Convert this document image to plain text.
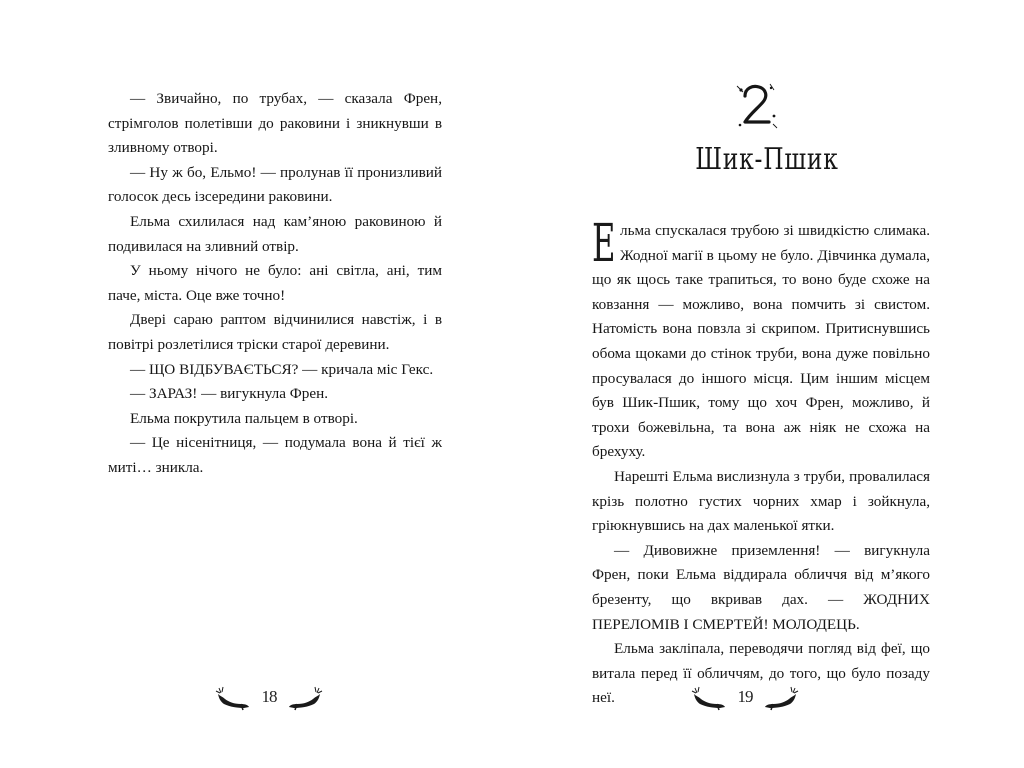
— Звичайно, по трубах, — сказала Френ, стрімголов полетівши до раковини і зникнувши в зливному отворі.

— Ну ж бо, Ельмо! — пролунав її пронизливий голосок десь ізсередини раковини.

Ельма схилилася над кам’яною раковиною й подивилася на зливний отвір.

У ньому нічого не було: ані світла, ані, тим паче, міста. Оце вже точно!

Двері сараю раптом відчинилися навстіж, і в повітрі розлетілися тріски старої деревини.

— ЩО ВІДБУВАЄТЬСЯ? — кричала міс Гекс.

— ЗАРАЗ! — вигукнула Френ.

Ельма покрутила пальцем в отворі.

— Це нісенітниця, — подумала вона й тієї ж миті… зникла.

18
Шик-Пшик

Ельма спускалася трубою зі швидкістю слимака. Жодної магії в цьому не було. Дівчинка думала, що як щось таке трапиться, то воно буде схоже на ковзання — можливо, вона помчить зі свистом. Натомість вона повзла зі скрипом. Притиснувшись обома щоками до стінок труби, вона дуже повільно просувалася до іншого місця. Цим іншим місцем був Шик-Пшик, тому що хоч Френ, можливо, й трохи божевільна, та вона аж ніяк не схожа на брехуху.

Нарешті Ельма вислизнула з труби, провалилася крізь полотно густих чорних хмар і зойкнула, гріюкнувшись на дах маленької ятки.

— Дивовижне приземлення! — вигукнула Френ, поки Ельма віддирала обличчя від м’якого брезенту, що вкривав дах. — ЖОДНИХ ПЕРЕЛОМІВ І СМЕРТЕЙ! МОЛОДЕЦЬ.

Ельма закліпала, переводячи погляд від феї, що витала перед її обличчям, до того, що було позаду неї.	19
